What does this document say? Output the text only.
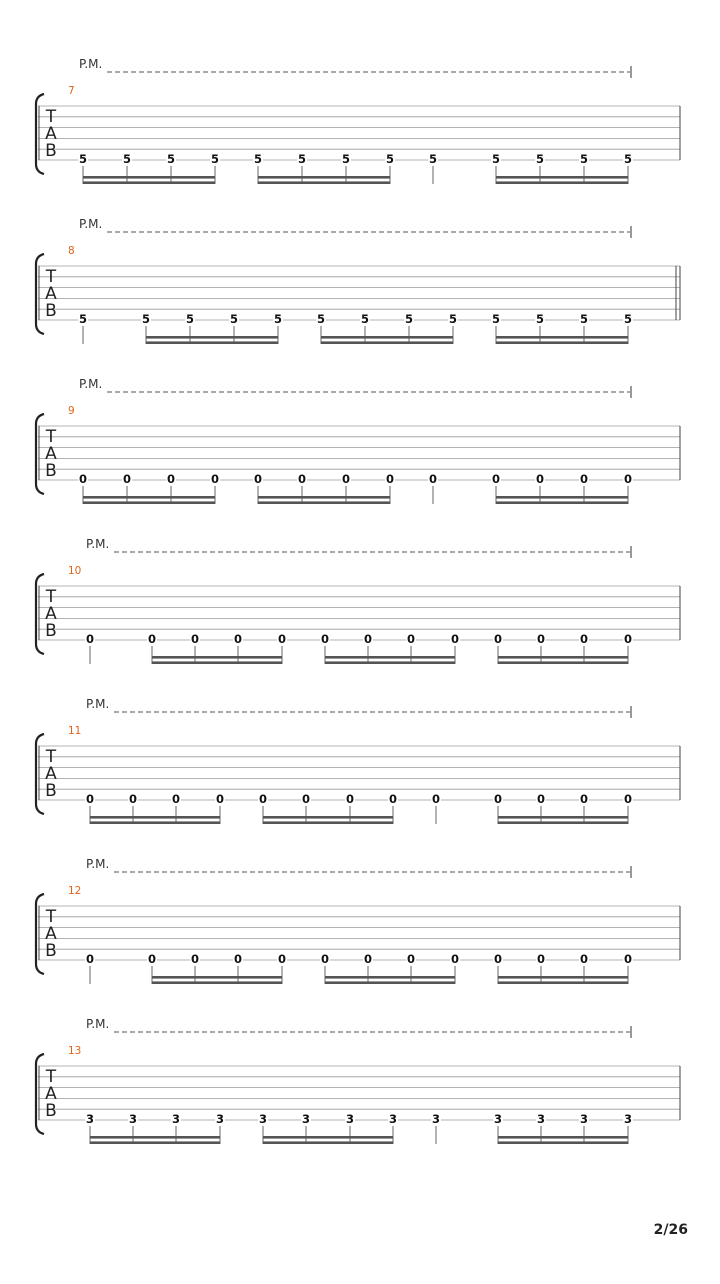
P.M.
7
T
A
B 5	5	5	5	5	5	5	5	5	5	5	5	5
P.M.
8
T
A
B 5	5	5	5	5	5	5	5	5	5	5	5	5
P.M.
9
T
A
B 0	0	0	0	0	0	0	0	0	0	0	0	0
P.M.
10
T
A
B	0	0	0	0	0	0	0	0	0	0	0	0	0
P.M.
11
T
A
B	0	0	0	0	0	0	0	0	0	0	0	0	0
P.M.
12
T
A
B	0	0	0	0	0	0	0	0	0	0	0	0	0
P.M.
13
T
A
B	3	3	3	3	3	3	3	3	3	3	3	3	3
2/26
